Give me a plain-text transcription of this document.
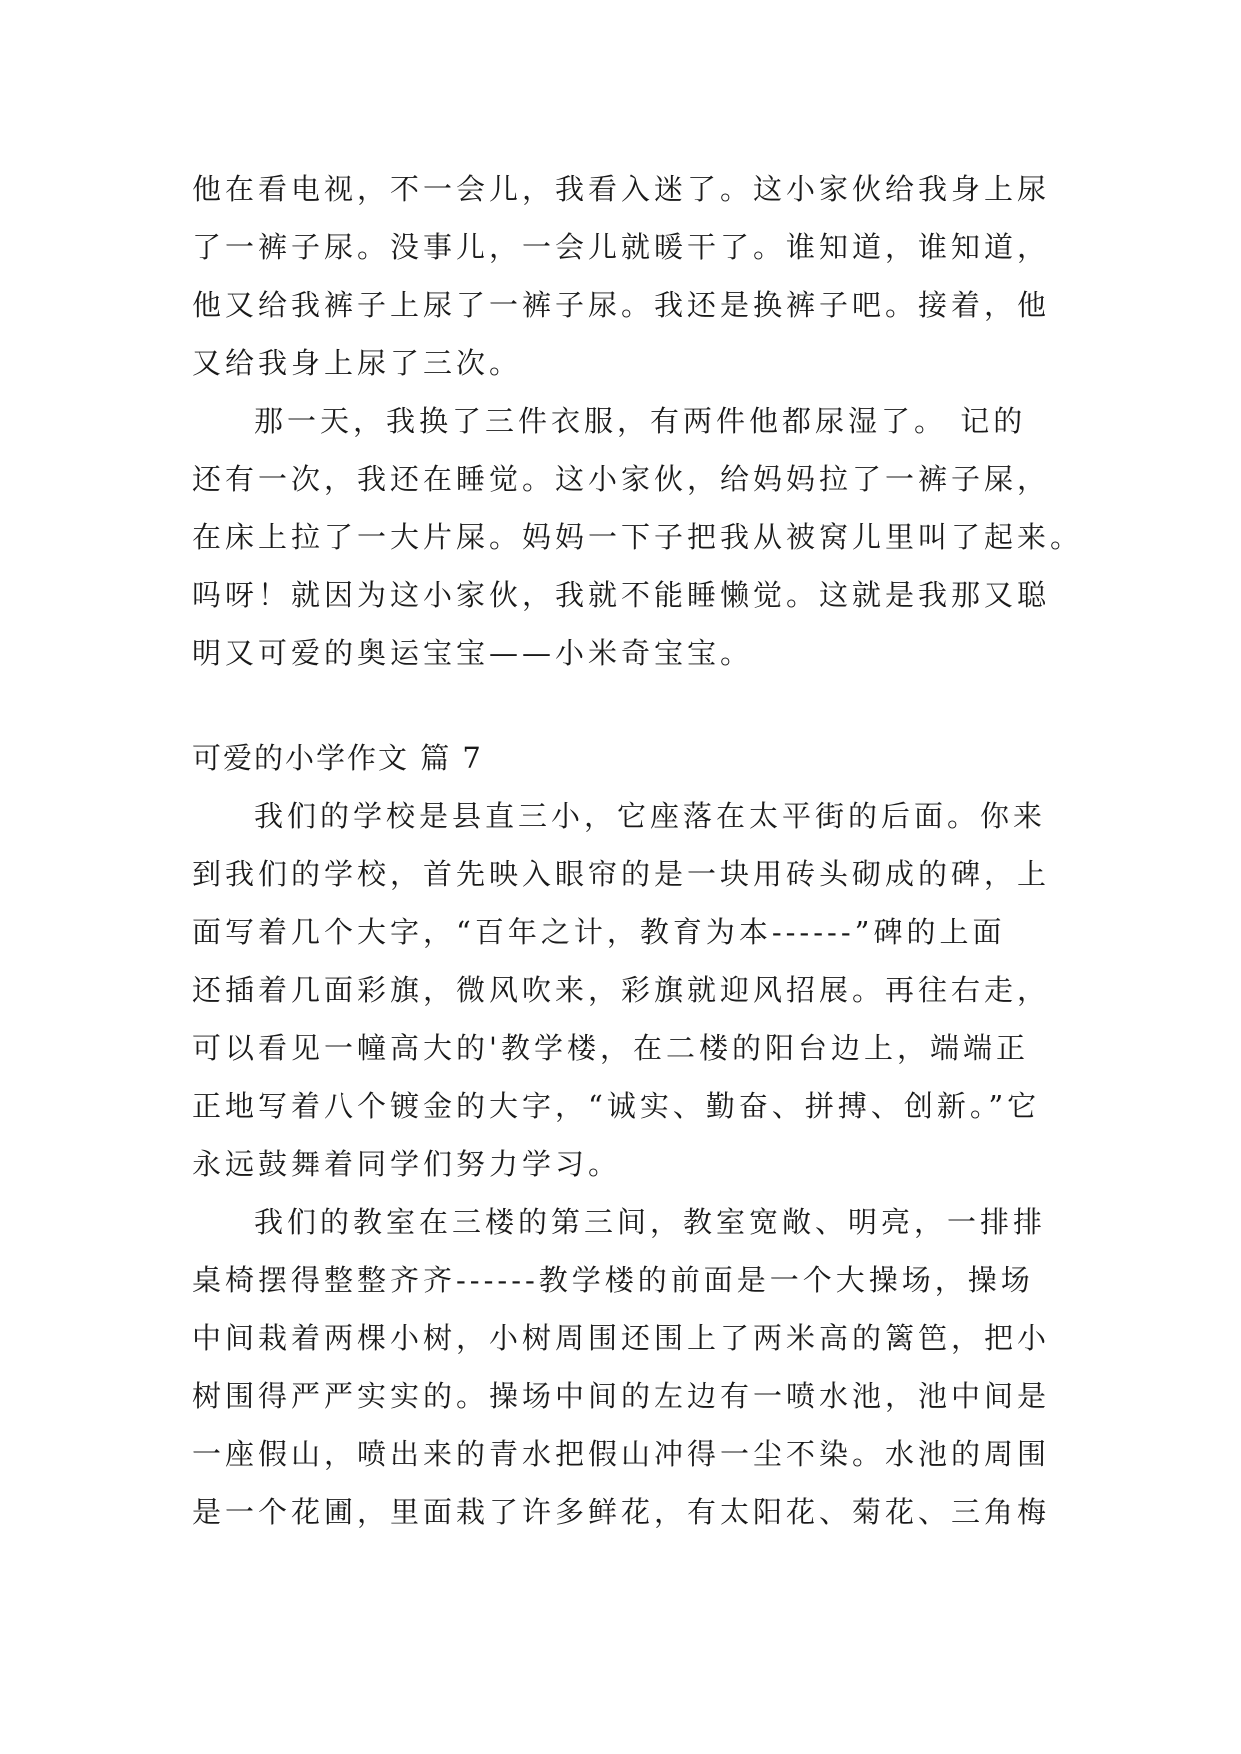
他在看电视，不一会儿，我看入迷了。这小家伙给我身上尿
了一裤子尿。没事儿，一会儿就暖干了。谁知道，谁知道，
他又给我裤子上尿了一裤子尿。我还是换裤子吧。接着，他
又给我身上尿了三次。

那一天，我换了三件衣服，有两件他都尿湿了。 记的
还有一次，我还在睡觉。这小家伙，给妈妈拉了一裤子屎，
在床上拉了一大片屎。妈妈一下子把我从被窝儿里叫了起来。
吗呀！就因为这小家伙，我就不能睡懒觉。这就是我那又聪
明又可爱的奥运宝宝——小米奇宝宝。

可爱的小学作文 篇 7

我们的学校是县直三小，它座落在太平街的后面。你来
到我们的学校，首先映入眼帘的是一块用砖头砌成的碑，上
面写着几个大字，“百年之计，教育为本------”碑的上面
还插着几面彩旗，微风吹来，彩旗就迎风招展。再往右走，
可以看见一幢高大的'教学楼，在二楼的阳台边上，端端正
正地写着八个镀金的大字，“诚实、勤奋、拼搏、创新。”它
永远鼓舞着同学们努力学习。

我们的教室在三楼的第三间，教室宽敞、明亮，一排排
桌椅摆得整整齐齐------教学楼的前面是一个大操场，操场
中间栽着两棵小树，小树周围还围上了两米高的篱笆，把小
树围得严严实实的。操场中间的左边有一喷水池，池中间是
一座假山，喷出来的青水把假山冲得一尘不染。水池的周围
是一个花圃，里面栽了许多鲜花，有太阳花、菊花、三角梅
